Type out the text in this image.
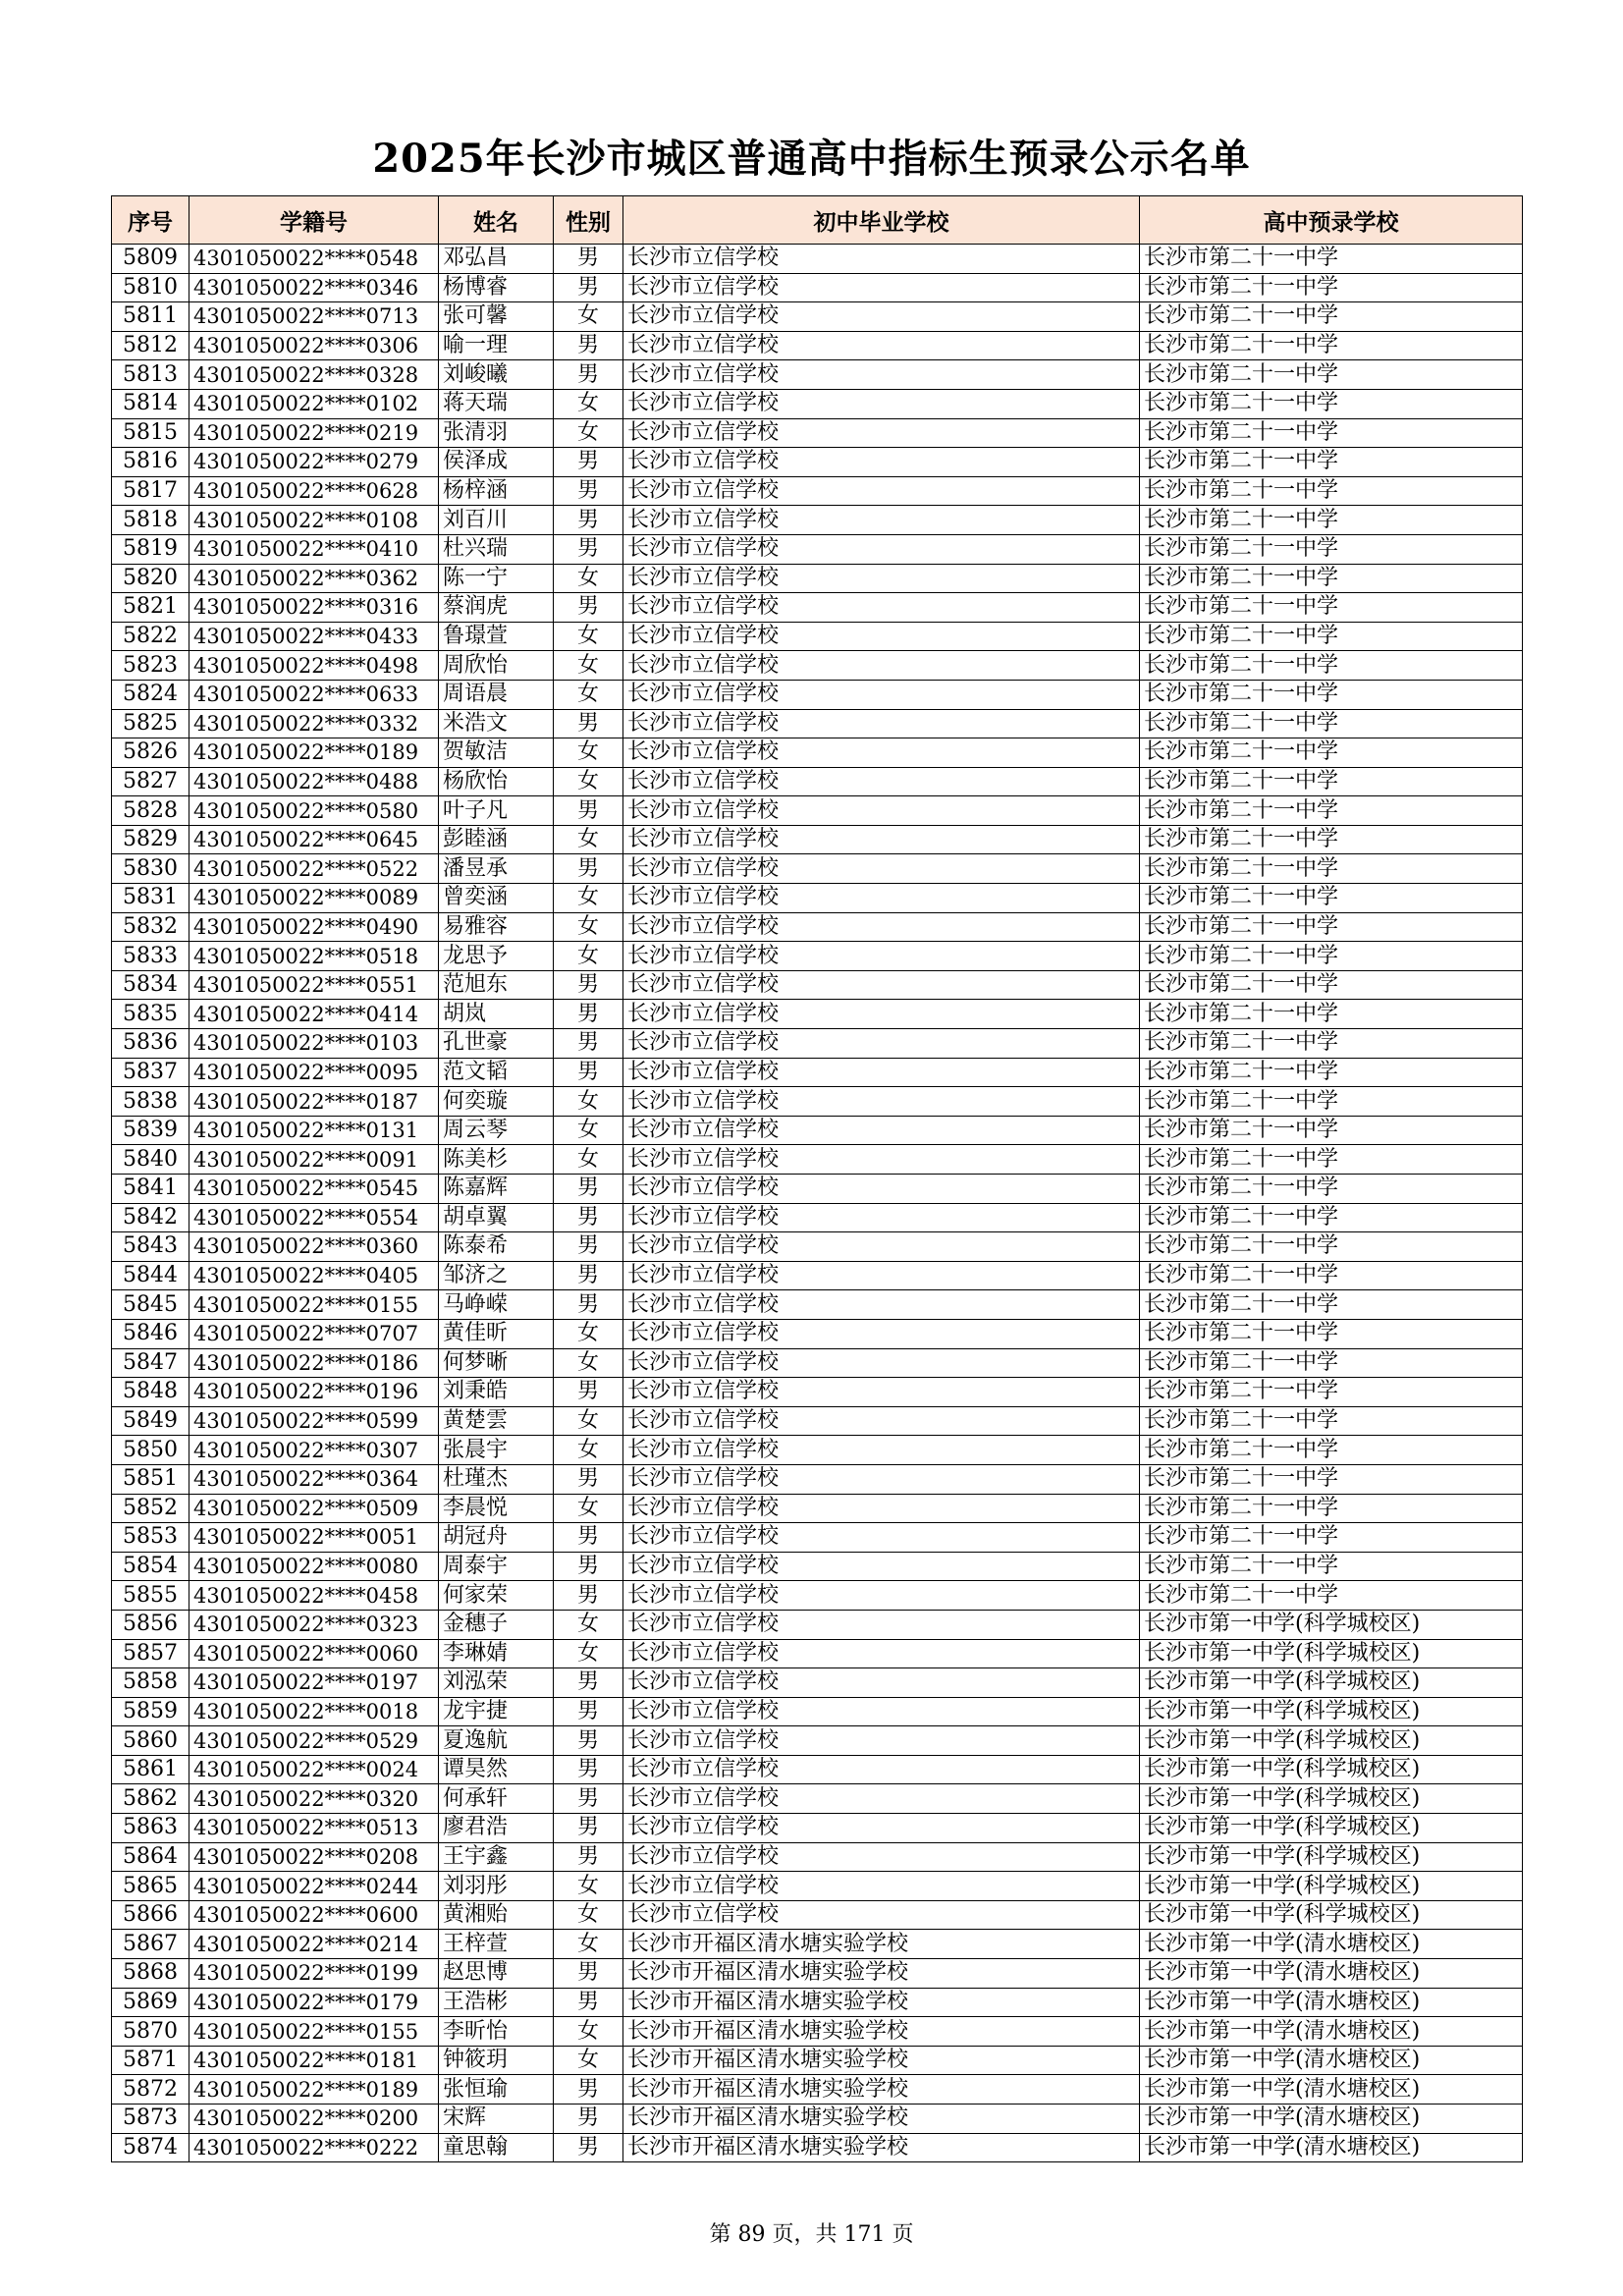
2025年长沙市城区普通高中指标生预录公示名单
序号	学籍号	姓名	性别	初中毕业学校	高中预录学校
5809	4301050022****0548	邓弘昌	男	长沙市立信学校	长沙市第二十一中学
5810	4301050022****0346	杨博睿	男	长沙市立信学校	长沙市第二十一中学
5811	4301050022****0713	张可馨	女	长沙市立信学校	长沙市第二十一中学
5812	4301050022****0306	喻一理	男	长沙市立信学校	长沙市第二十一中学
5813	4301050022****0328	刘峻曦	男	长沙市立信学校	长沙市第二十一中学
5814	4301050022****0102	蒋天瑞	女	长沙市立信学校	长沙市第二十一中学
5815	4301050022****0219	张清羽	女	长沙市立信学校	长沙市第二十一中学
5816	4301050022****0279	侯泽成	男	长沙市立信学校	长沙市第二十一中学
5817	4301050022****0628	杨梓涵	男	长沙市立信学校	长沙市第二十一中学
5818	4301050022****0108	刘百川	男	长沙市立信学校	长沙市第二十一中学
5819	4301050022****0410	杜兴瑞	男	长沙市立信学校	长沙市第二十一中学
5820	4301050022****0362	陈一宁	女	长沙市立信学校	长沙市第二十一中学
5821	4301050022****0316	蔡润虎	男	长沙市立信学校	长沙市第二十一中学
5822	4301050022****0433	鲁璟萱	女	长沙市立信学校	长沙市第二十一中学
5823	4301050022****0498	周欣怡	女	长沙市立信学校	长沙市第二十一中学
5824	4301050022****0633	周语晨	女	长沙市立信学校	长沙市第二十一中学
5825	4301050022****0332	米浩文	男	长沙市立信学校	长沙市第二十一中学
5826	4301050022****0189	贺敏洁	女	长沙市立信学校	长沙市第二十一中学
5827	4301050022****0488	杨欣怡	女	长沙市立信学校	长沙市第二十一中学
5828	4301050022****0580	叶子凡	男	长沙市立信学校	长沙市第二十一中学
5829	4301050022****0645	彭睦涵	女	长沙市立信学校	长沙市第二十一中学
5830	4301050022****0522	潘昱承	男	长沙市立信学校	长沙市第二十一中学
5831	4301050022****0089	曾奕涵	女	长沙市立信学校	长沙市第二十一中学
5832	4301050022****0490	易雅容	女	长沙市立信学校	长沙市第二十一中学
5833	4301050022****0518	龙思予	女	长沙市立信学校	长沙市第二十一中学
5834	4301050022****0551	范旭东	男	长沙市立信学校	长沙市第二十一中学
5835	4301050022****0414	胡岚	男	长沙市立信学校	长沙市第二十一中学
5836	4301050022****0103	孔世豪	男	长沙市立信学校	长沙市第二十一中学
5837	4301050022****0095	范文韬	男	长沙市立信学校	长沙市第二十一中学
5838	4301050022****0187	何奕璇	女	长沙市立信学校	长沙市第二十一中学
5839	4301050022****0131	周云琴	女	长沙市立信学校	长沙市第二十一中学
5840	4301050022****0091	陈美杉	女	长沙市立信学校	长沙市第二十一中学
5841	4301050022****0545	陈嘉辉	男	长沙市立信学校	长沙市第二十一中学
5842	4301050022****0554	胡卓翼	男	长沙市立信学校	长沙市第二十一中学
5843	4301050022****0360	陈泰希	男	长沙市立信学校	长沙市第二十一中学
5844	4301050022****0405	邹济之	男	长沙市立信学校	长沙市第二十一中学
5845	4301050022****0155	马峥嵘	男	长沙市立信学校	长沙市第二十一中学
5846	4301050022****0707	黄佳昕	女	长沙市立信学校	长沙市第二十一中学
5847	4301050022****0186	何梦晰	女	长沙市立信学校	长沙市第二十一中学
5848	4301050022****0196	刘秉皓	男	长沙市立信学校	长沙市第二十一中学
5849	4301050022****0599	黄楚雲	女	长沙市立信学校	长沙市第二十一中学
5850	4301050022****0307	张晨宇	女	长沙市立信学校	长沙市第二十一中学
5851	4301050022****0364	杜瑾杰	男	长沙市立信学校	长沙市第二十一中学
5852	4301050022****0509	李晨悦	女	长沙市立信学校	长沙市第二十一中学
5853	4301050022****0051	胡冠舟	男	长沙市立信学校	长沙市第二十一中学
5854	4301050022****0080	周泰宇	男	长沙市立信学校	长沙市第二十一中学
5855	4301050022****0458	何家荣	男	长沙市立信学校	长沙市第二十一中学
5856	4301050022****0323	金穗子	女	长沙市立信学校	长沙市第一中学(科学城校区)
5857	4301050022****0060	李琳婧	女	长沙市立信学校	长沙市第一中学(科学城校区)
5858	4301050022****0197	刘泓荣	男	长沙市立信学校	长沙市第一中学(科学城校区)
5859	4301050022****0018	龙宇捷	男	长沙市立信学校	长沙市第一中学(科学城校区)
5860	4301050022****0529	夏逸航	男	长沙市立信学校	长沙市第一中学(科学城校区)
5861	4301050022****0024	谭昊然	男	长沙市立信学校	长沙市第一中学(科学城校区)
5862	4301050022****0320	何承轩	男	长沙市立信学校	长沙市第一中学(科学城校区)
5863	4301050022****0513	廖君浩	男	长沙市立信学校	长沙市第一中学(科学城校区)
5864	4301050022****0208	王宇鑫	男	长沙市立信学校	长沙市第一中学(科学城校区)
5865	4301050022****0244	刘羽彤	女	长沙市立信学校	长沙市第一中学(科学城校区)
5866	4301050022****0600	黄湘贻	女	长沙市立信学校	长沙市第一中学(科学城校区)
5867	4301050022****0214	王梓萱	女	长沙市开福区清水塘实验学校	长沙市第一中学(清水塘校区)
5868	4301050022****0199	赵思博	男	长沙市开福区清水塘实验学校	长沙市第一中学(清水塘校区)
5869	4301050022****0179	王浩彬	男	长沙市开福区清水塘实验学校	长沙市第一中学(清水塘校区)
5870	4301050022****0155	李昕怡	女	长沙市开福区清水塘实验学校	长沙市第一中学(清水塘校区)
5871	4301050022****0181	钟筱玥	女	长沙市开福区清水塘实验学校	长沙市第一中学(清水塘校区)
5872	4301050022****0189	张恒瑜	男	长沙市开福区清水塘实验学校	长沙市第一中学(清水塘校区)
5873	4301050022****0200	宋辉	男	长沙市开福区清水塘实验学校	长沙市第一中学(清水塘校区)
5874	4301050022****0222	童思翰	男	长沙市开福区清水塘实验学校	长沙市第一中学(清水塘校区)
第 89 页，共 171 页
